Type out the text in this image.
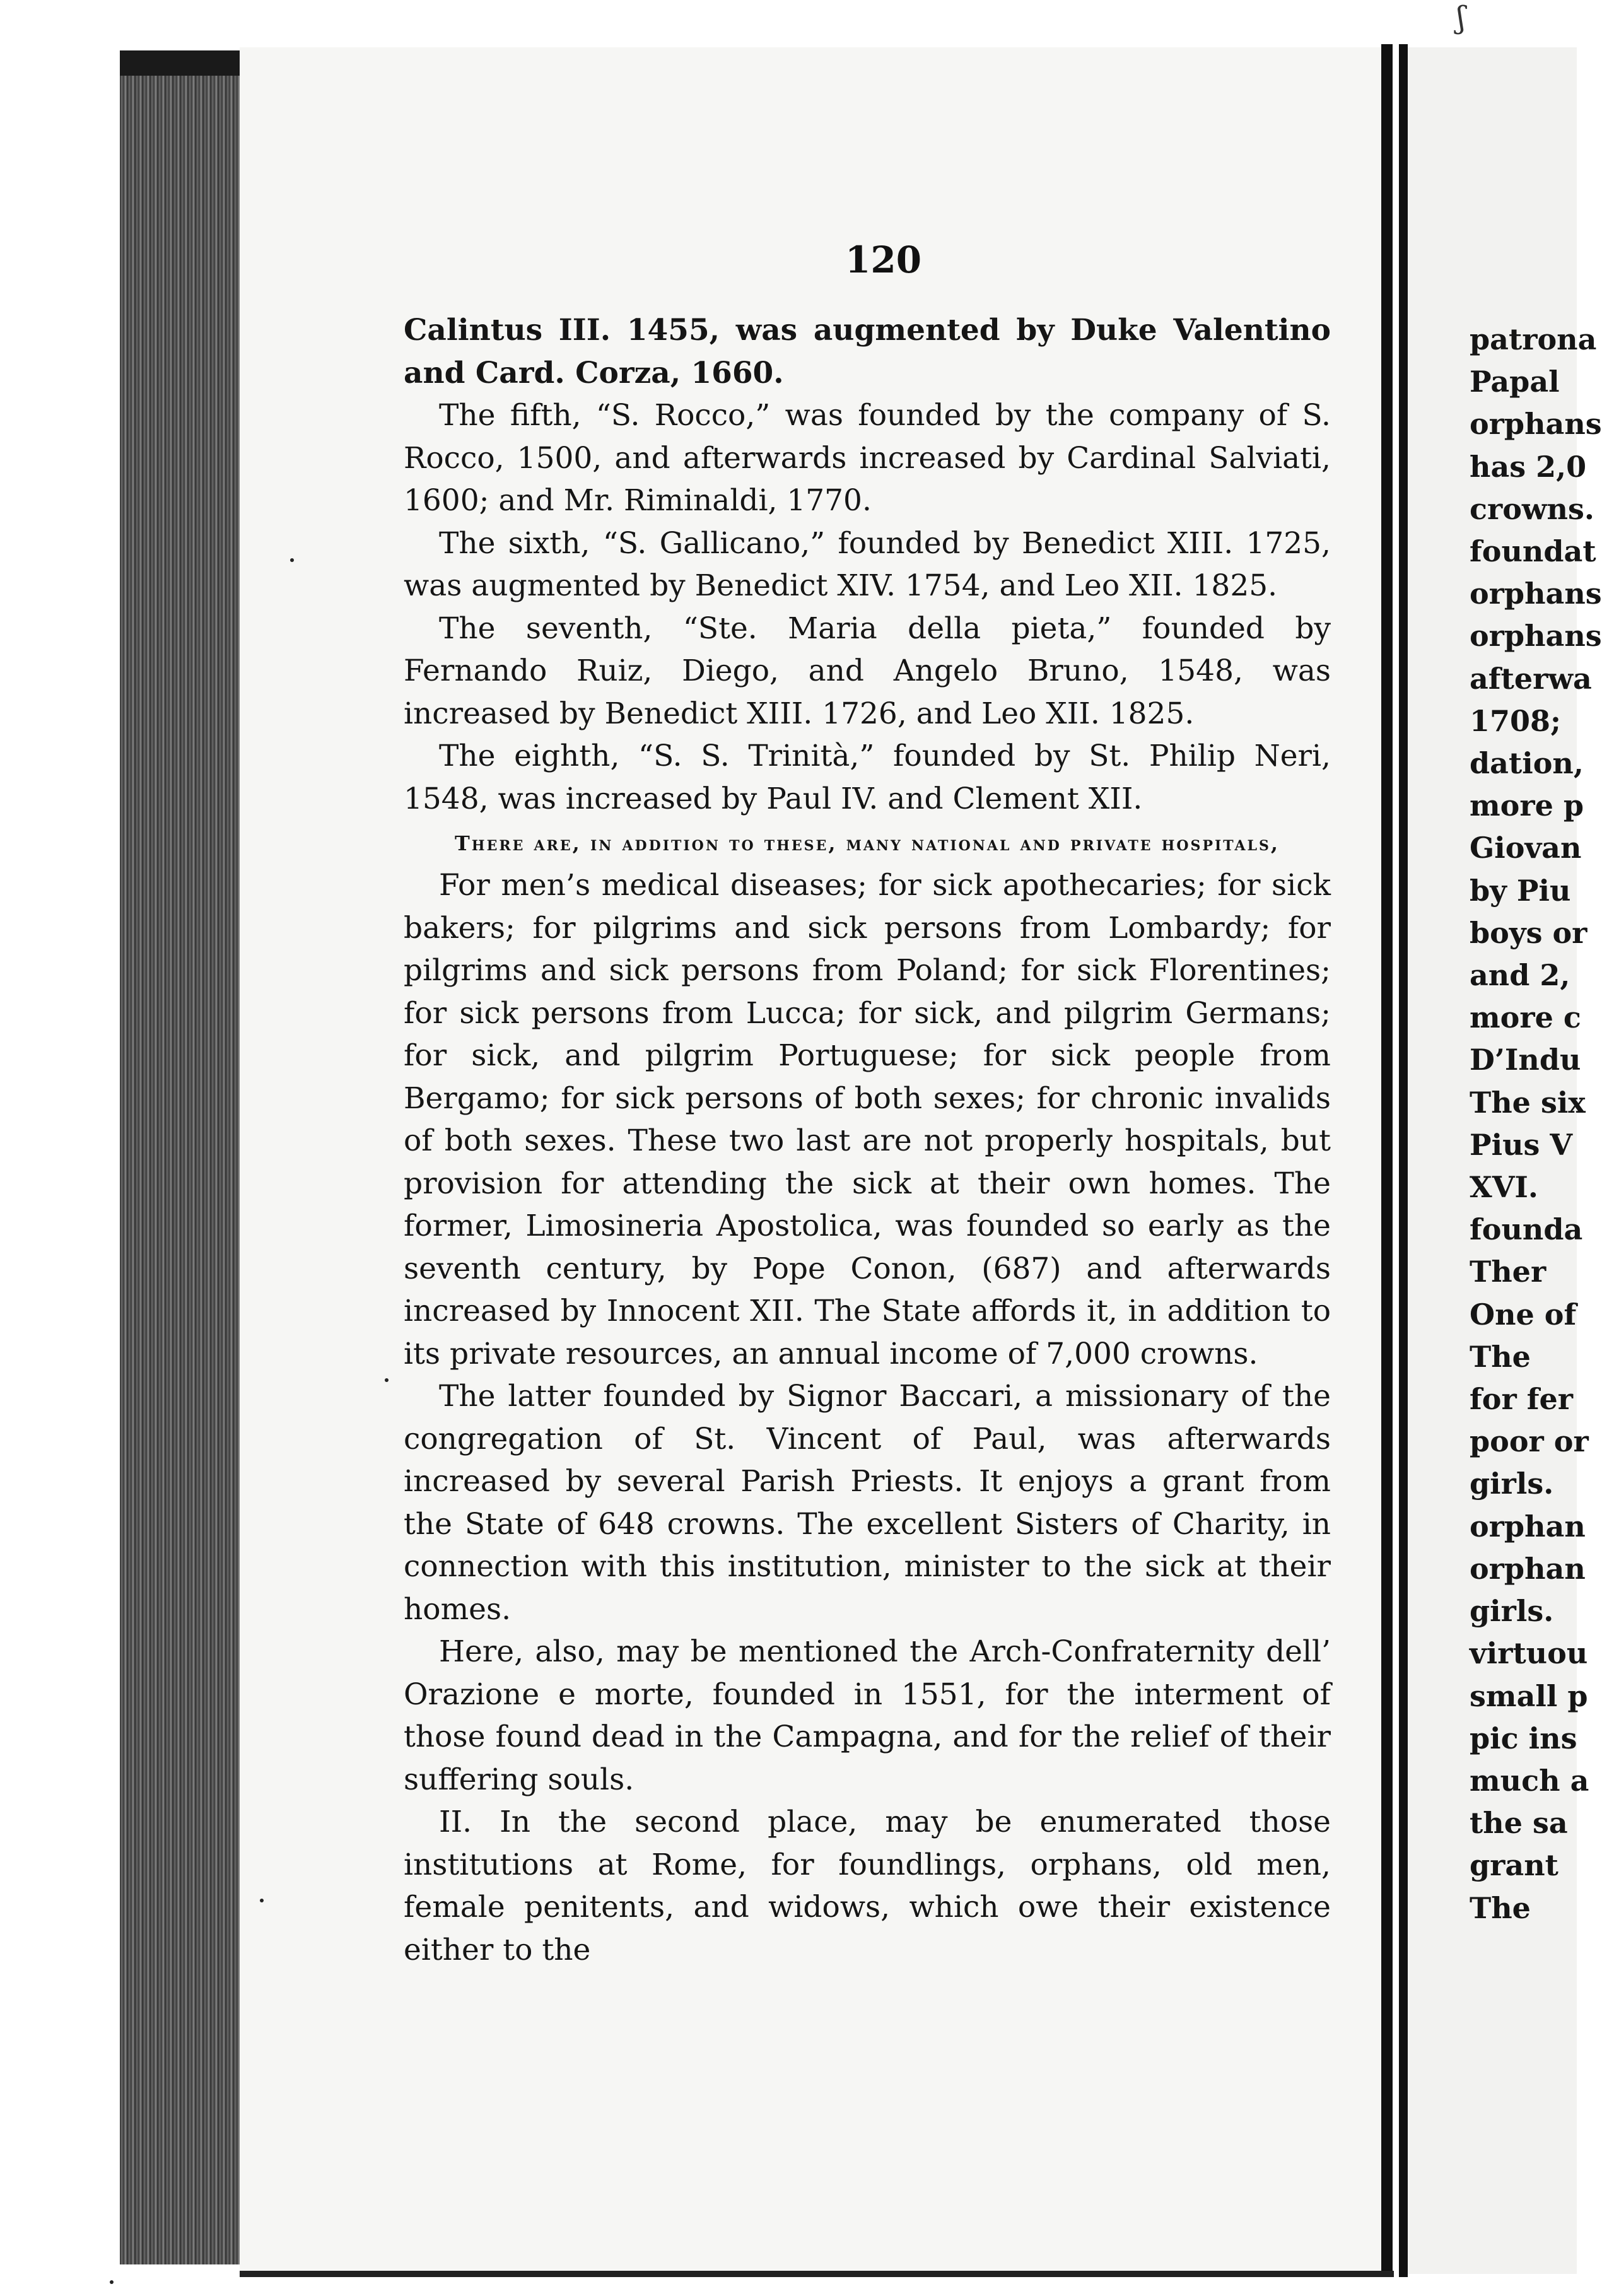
ʃ
120

Calintus III. 1455, was augmented by Duke Valentino and Card. Corza, 1660.

The fifth, “S. Rocco,” was founded by the company of S. Rocco, 1500, and afterwards increased by Cardinal Salviati, 1600; and Mr. Riminaldi, 1770.

The sixth, “S. Gallicano,” founded by Benedict XIII. 1725, was augmented by Benedict XIV. 1754, and Leo XII. 1825.

The seventh, “Ste. Maria della pieta,” founded by Fernando Ruiz, Diego, and Angelo Bruno, 1548, was increased by Benedict XIII. 1726, and Leo XII. 1825.

The eighth, “S. S. Trinità,” founded by St. Philip Neri, 1548, was increased by Paul IV. and Clement XII.

There are, in addition to these, many national and private hospitals,

For men’s medical diseases; for sick apothecaries; for sick bakers; for pilgrims and sick persons from Lombardy; for pilgrims and sick persons from Poland; for sick Florentines; for sick persons from Lucca; for sick, and pilgrim Germans; for sick, and pilgrim Portuguese; for sick people from Bergamo; for sick persons of both sexes; for chronic invalids of both sexes. These two last are not properly hospitals, but provision for attending the sick at their own homes. The former, Limosineria Apostolica, was founded so early as the seventh century, by Pope Conon, (687) and afterwards increased by Innocent XII. The State affords it, in addition to its private resources, an annual income of 7,000 crowns.

The latter founded by Signor Baccari, a missionary of the congregation of St. Vincent of Paul, was afterwards increased by several Parish Priests. It enjoys a grant from the State of 648 crowns. The excellent Sisters of Charity, in connection with this institution, minister to the sick at their homes.

Here, also, may be mentioned the Arch-Confraternity dell’ Orazione e morte, founded in 1551, for the interment of those found dead in the Campagna, and for the relief of their suffering souls.

II. In the second place, may be enumerated those institutions at Rome, for foundlings, orphans, old men, female penitents, and widows, which owe their existence either to the

patrona
Papal
orphans
has 2,0
crowns.
foundat
orphans
orphans
afterwa
1708;
dation,
more p
Giovan
by Piu
boys or
and 2,
more c
D’Indu
The six
Pius V
XVI.
founda
Ther
One of
The
for fer
poor or
girls.
orphan
orphan
girls.
virtuou
small p
pic ins
much a
the sa
grant
The
